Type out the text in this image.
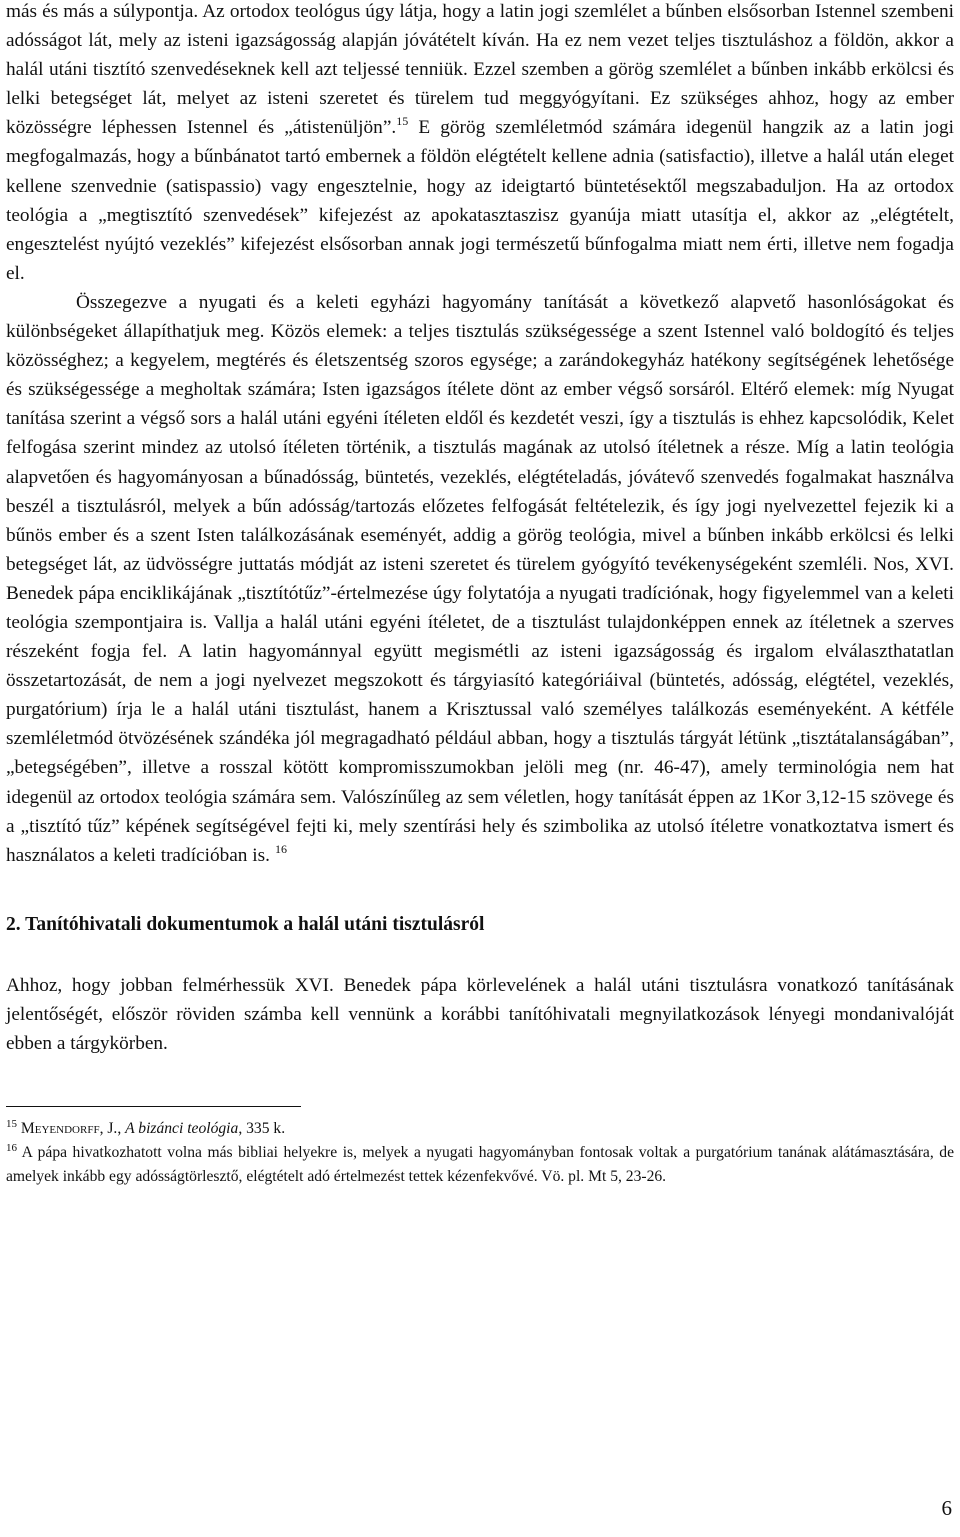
más és más a súlypontja. Az ortodox teológus úgy látja, hogy a latin jogi szemlélet a bűnben elsősorban Istennel szembeni adósságot lát, mely az isteni igazságosság alapján jóvátételt kíván. Ha ez nem vezet teljes tisztuláshoz a földön, akkor a halál utáni tisztító szenvedéseknek kell azt teljessé tenniük. Ezzel szemben a görög szemlélet a bűnben inkább erkölcsi és lelki betegséget lát, melyet az isteni szeretet és türelem tud meggyógyítani. Ez szükséges ahhoz, hogy az ember közösségre léphessen Istennel és „átistenüljön”.$^{15}$ E görög szemléletmód számára idegenül hangzik az a latin jogi megfogalmazás, hogy a bűnbánatot tartó embernek a földön elégtételt kellene adnia (satisfactio), illetve a halál után eleget kellene szenvednie (satispassio) vagy engesztelnie, hogy az ideigtartó büntetésektől megszabaduljon. Ha az ortodox teológia a „megtisztító szenvedések” kifejezést az apokatasztaszisz gyanúja miatt utasítja el, akkor az „elégtételt, engesztelést nyújtó vezeklés” kifejezést elsősorban annak jogi természetű bűnfogalma miatt nem érti, illetve nem fogadja el.

Összegezve a nyugati és a keleti egyházi hagyomány tanítását a következő alapvető hasonlóságokat és különbségeket állapíthatjuk meg. Közös elemek: a teljes tisztulás szükségessége a szent Istennel való boldogító és teljes közösséghez; a kegyelem, megtérés és életszentség szoros egysége; a zarándokegyház hatékony segítségének lehetősége és szükségessége a megholtak számára; Isten igazságos ítélete dönt az ember végső sorsáról. Eltérő elemek: míg Nyugat tanítása szerint a végső sors a halál utáni egyéni ítéleten eldől és kezdetét veszi, így a tisztulás is ehhez kapcsolódik, Kelet felfogása szerint mindez az utolsó ítéleten történik, a tisztulás magának az utolsó ítéletnek a része. Míg a latin teológia alapvetően és hagyományosan a bűnadósság, büntetés, vezeklés, elégtételadás, jóvátevő szenvedés fogalmakat használva beszél a tisztulásról, melyek a bűn adósság/tartozás előzetes felfogását feltételezik, és így jogi nyelvezettel fejezik ki a bűnös ember és a szent Isten találkozásának eseményét, addig a görög teológia, mivel a bűnben inkább erkölcsi és lelki betegséget lát, az üdvösségre juttatás módját az isteni szeretet és türelem gyógyító tevékenységeként szemléli. Nos, XVI. Benedek pápa enciklikájának „tisztítótűz”-értelmezése úgy folytatója a nyugati tradíciónak, hogy figyelemmel van a keleti teológia szempontjaira is. Vallja a halál utáni egyéni ítéletet, de a tisztulást tulajdonképpen ennek az ítéletnek a szerves részeként fogja fel. A latin hagyománnyal együtt megismétli az isteni igazságosság és irgalom elválaszthatatlan összetartozását, de nem a jogi nyelvezet megszokott és tárgyiasító kategóriáival (büntetés, adósság, elégtétel, vezeklés, purgatórium) írja le a halál utáni tisztulást, hanem a Krisztussal való személyes találkozás eseményeként. A kétféle szemléletmód ötvözésének szándéka jól megragadható például abban, hogy a tisztulás tárgyát létünk „tisztátalanságában”, „betegségében”, illetve a rosszal kötött kompromisszumokban jelöli meg (nr. 46-47), amely terminológia nem hat idegenül az ortodox teológia számára sem. Valószínűleg az sem véletlen, hogy tanítását éppen az 1Kor 3,12-15 szövege és a „tisztító tűz” képének segítségével fejti ki, mely szentírási hely és szimbolika az utolsó ítéletre vonatkoztatva ismert és használatos a keleti tradícióban is. $^{16}$

2. Tanítóhivatali dokumentumok a halál utáni tisztulásról

Ahhoz, hogy jobban felmérhessük XVI. Benedek pápa körlevelének a halál utáni tisztulásra vonatkozó tanításának jelentőségét, először röviden számba kell vennünk a korábbi tanítóhivatali megnyilatkozások lényegi mondanivalóját ebben a tárgykörben.

$^{15}$ Meyendorff, J., A bizánci teológia, 335 k.

$^{16}$ A pápa hivatkozhatott volna más bibliai helyekre is, melyek a nyugati hagyományban fontosak voltak a purgatórium tanának alátámasztására, de amelyek inkább egy adósságtörlesztő, elégtételt adó értelmezést tettek kézenfekvővé. Vö. pl. Mt 5, 23-26.

6
